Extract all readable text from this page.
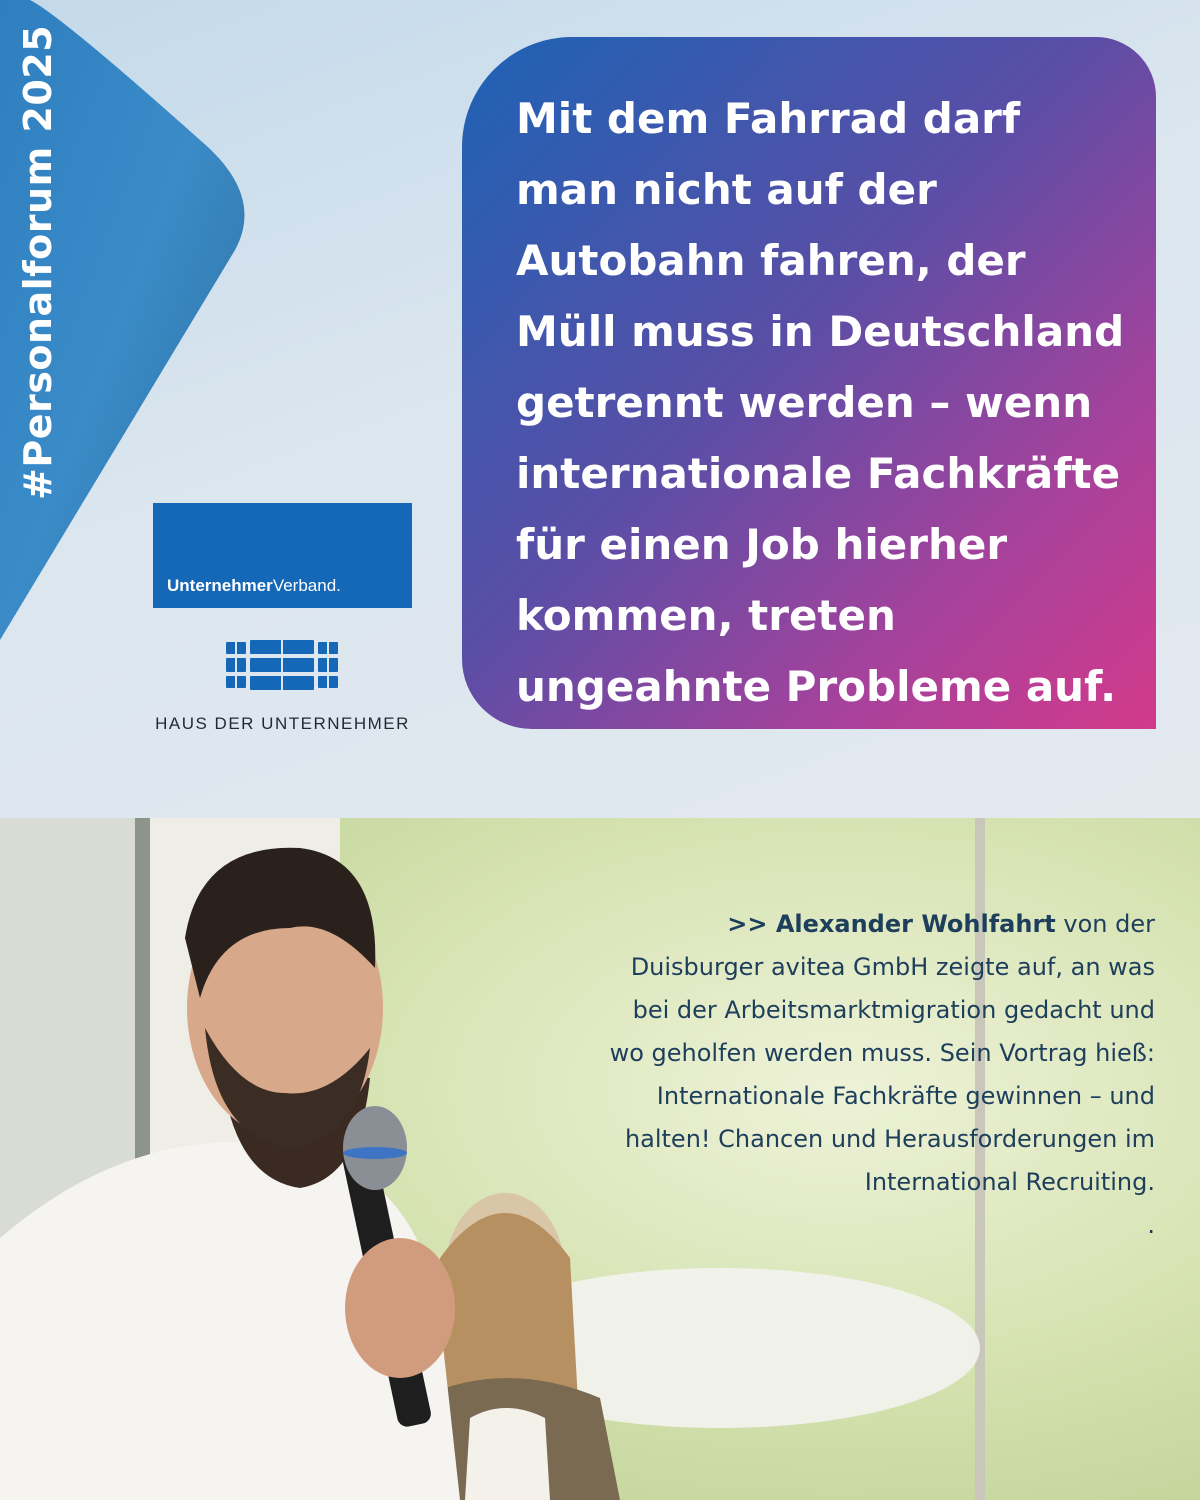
#Personalforum 2025
UnternehmerVerband.
HAUS DER UNTERNEHMER
Mit dem Fahrrad darf man nicht auf der Autobahn fahren, der Müll muss in Deutschland getrennt werden – wenn internationale Fachkräfte für einen Job hierher kommen, treten ungeahnte Probleme auf.
>> Alexander Wohlfahrt von der Duisburger avitea GmbH zeigte auf, an was bei der Arbeitsmarktmigration gedacht und wo geholfen werden muss. Sein Vortrag hieß: Internationale Fachkräfte gewinnen – und halten! Chancen und Herausforderungen im International Recruiting.
.
